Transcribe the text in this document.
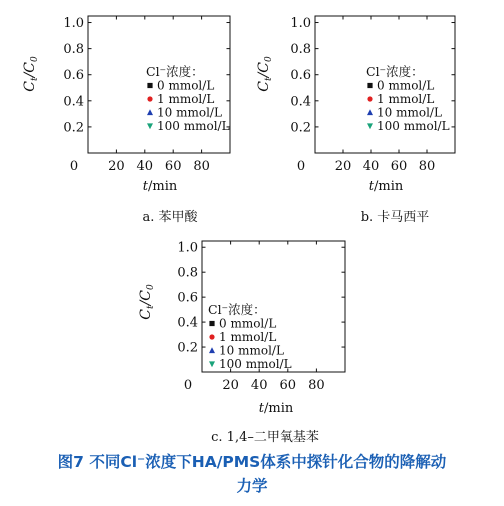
0.2
0.4
0.6
0.8
1.0
0 20 40 60 80
$C_t/C_0$
t/min
Cl⁻浓度：
0 mmol/L
1 mmol/L
10 mmol/L
100 mmol/L	0.2
0.4
0.6
0.8
1.0
0 20 40 60 80
$C_t/C_0$
t/min
Cl⁻浓度：
0 mmol/L
1 mmol/L
10 mmol/L
100 mmol/L
0.2
0.4
0.6
0.8
1.0
0 20 40 60 80
$C_t/C_0$
t/min
Cl⁻浓度：
0 mmol/L
1 mmol/L
10 mmol/L
100 mmol/L
a. 苯甲酸	b. 卡马西平
c. 1,4–二甲氧基苯
图7 不同Cl⁻浓度下HA/PMS体系中探针化合物的降解动
力学
